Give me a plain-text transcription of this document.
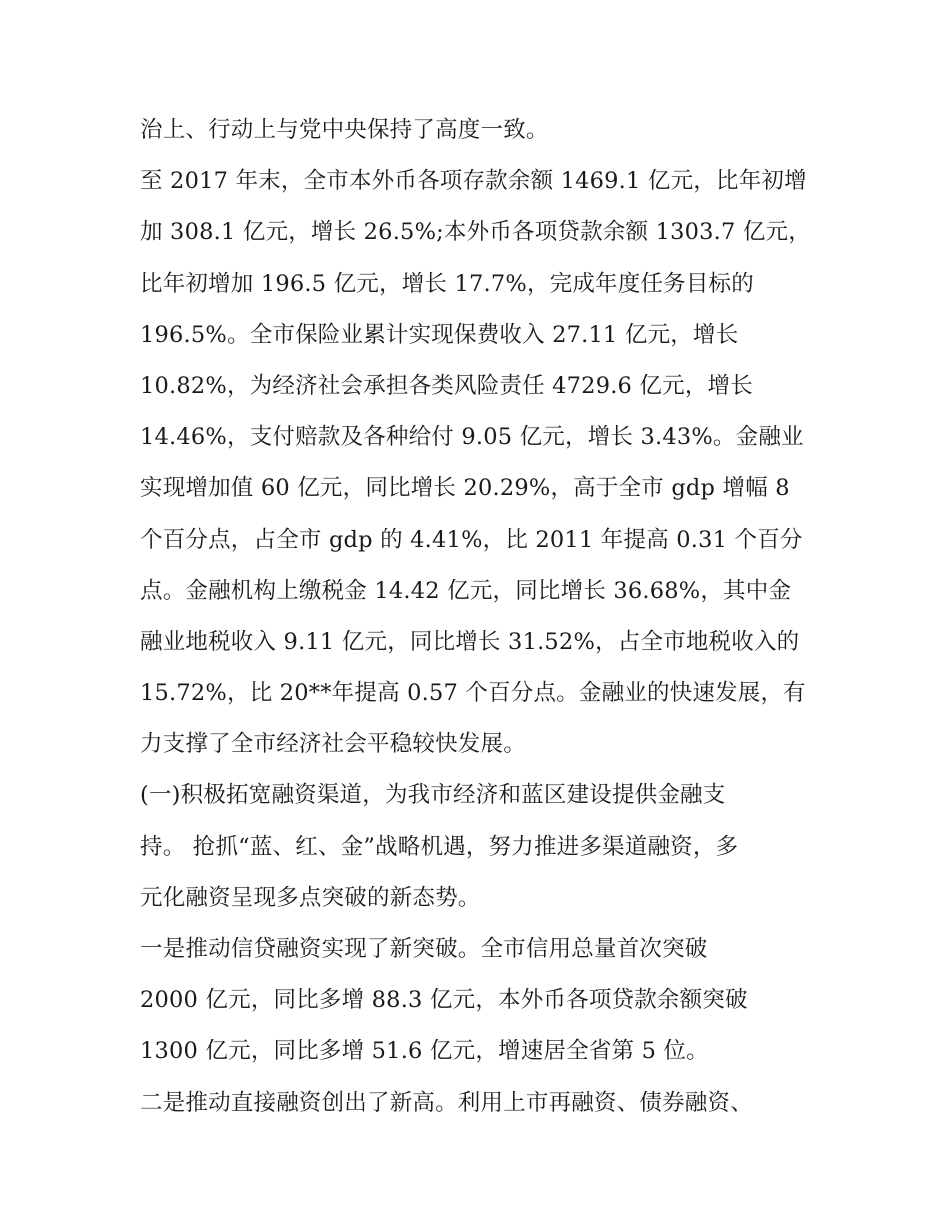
治上、行动上与党中央保持了高度一致。
至 2017 年末，全市本外币各项存款余额 1469.1 亿元，比年初增
加 308.1 亿元，增长 26.5%;本外币各项贷款余额 1303.7 亿元，
比年初增加 196.5 亿元，增长 17.7%，完成年度任务目标的
196.5%。全市保险业累计实现保费收入 27.11 亿元，增长
10.82%，为经济社会承担各类风险责任 4729.6 亿元，增长
14.46%，支付赔款及各种给付 9.05 亿元，增长 3.43%。金融业
实现增加值 60 亿元，同比增长 20.29%，高于全市 gdp 增幅 8
个百分点，占全市 gdp 的 4.41%，比 2011 年提高 0.31 个百分
点。金融机构上缴税金 14.42 亿元，同比增长 36.68%，其中金
融业地税收入 9.11 亿元，同比增长 31.52%，占全市地税收入的
15.72%，比 20**年提高 0.57 个百分点。金融业的快速发展，有
力支撑了全市经济社会平稳较快发展。
(一)积极拓宽融资渠道，为我市经济和蓝区建设提供金融支
持。 抢抓“蓝、红、金”战略机遇，努力推进多渠道融资，多
元化融资呈现多点突破的新态势。
一是推动信贷融资实现了新突破。全市信用总量首次突破
2000 亿元，同比多增 88.3 亿元，本外币各项贷款余额突破
1300 亿元，同比多增 51.6 亿元，增速居全省第 5 位。
二是推动直接融资创出了新高。利用上市再融资、债券融资、
